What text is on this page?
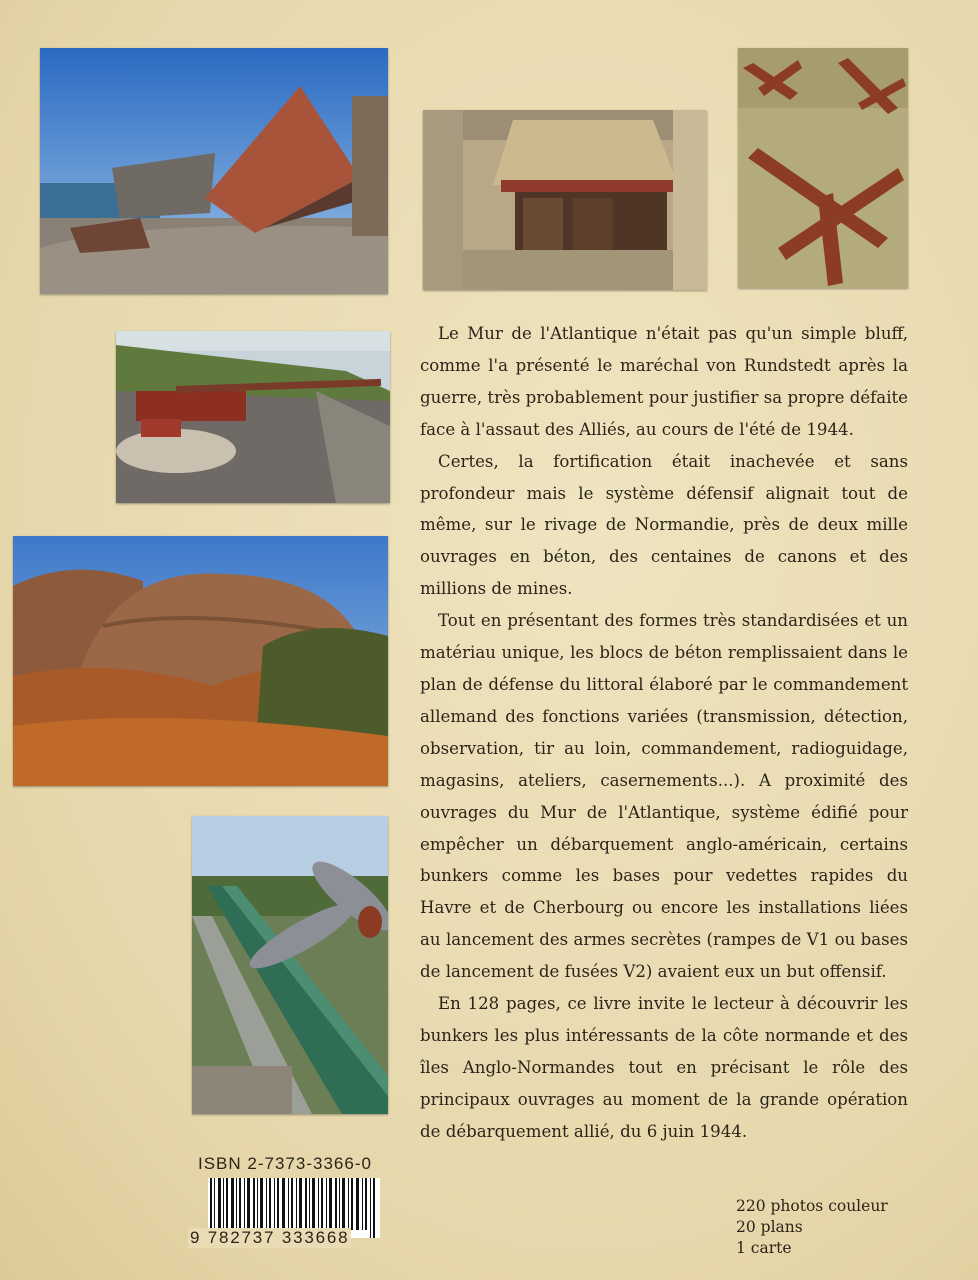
Le Mur de l'Atlantique n'était pas qu'un simple bluff, comme l'a présenté le maréchal von Rundstedt après la guerre, très probablement pour justifier sa propre défaite face à l'assaut des Alliés, au cours de l'été de 1944.

Certes, la fortification était inachevée et sans profondeur mais le système défensif alignait tout de même, sur le rivage de Normandie, près de deux mille ouvrages en béton, des centaines de canons et des millions de mines.

Tout en présentant des formes très standardisées et un matériau unique, les blocs de béton remplissaient dans le plan de défense du littoral élaboré par le commandement allemand des fonctions variées (transmission, détection, observation, tir au loin, commandement, radioguidage, magasins, ateliers, casernements...). A proximité des ouvrages du Mur de l'Atlantique, système édifié pour empêcher un débarquement anglo-américain, certains bunkers comme les bases pour vedettes rapides du Havre et de Cherbourg ou encore les installations liées au lancement des armes secrètes (rampes de V1 ou bases de lancement de fusées V2) avaient eux un but offensif.

En 128 pages, ce livre invite le lecteur à découvrir les bunkers les plus intéressants de la côte normande et des îles Anglo-Normandes tout en précisant le rôle des principaux ouvrages au moment de la grande opération de débarquement allié, du 6 juin 1944.

ISBN 2-7373-3366-0
9 782737 333668
220 photos couleur
20 plans
1 carte
